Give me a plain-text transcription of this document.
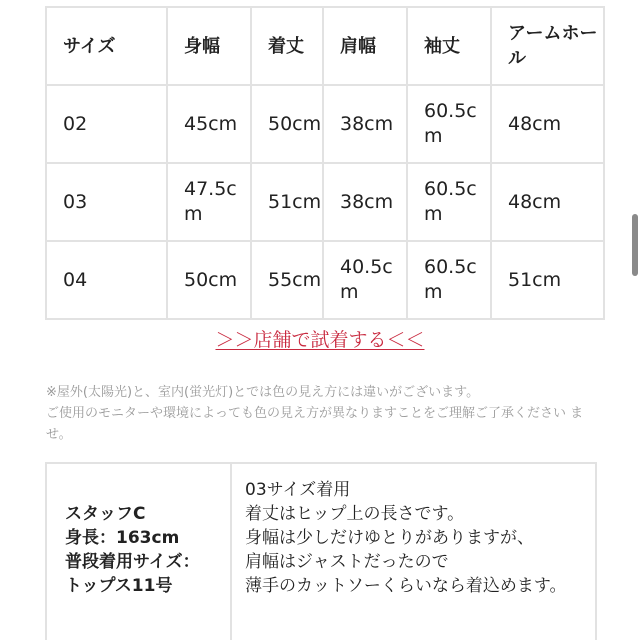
サイズ	身幅	着丈	肩幅	袖丈	アームホール
02	45cm	50cm	38cm	60.5cm	48cm
03	47.5cm	51cm	38cm	60.5cm	48cm
04	50cm	55cm	40.5cm	60.5cm	51cm
＞＞店舗で試着する＜＜

※屋外(太陽光)と、室内(蛍光灯)とでは色の見え方には違いがございます。

ご使用のモニターや環境によっても色の見え方が異なりますことをご理解ご了承ください ませ。

スタッフC
身長：163cm
普段着用サイズ：
トップス11号
03サイズ着用
着丈はヒップ上の長さです。
身幅は少しだけゆとりがありますが、
肩幅はジャストだったので
薄手のカットソーくらいなら着込めます。
